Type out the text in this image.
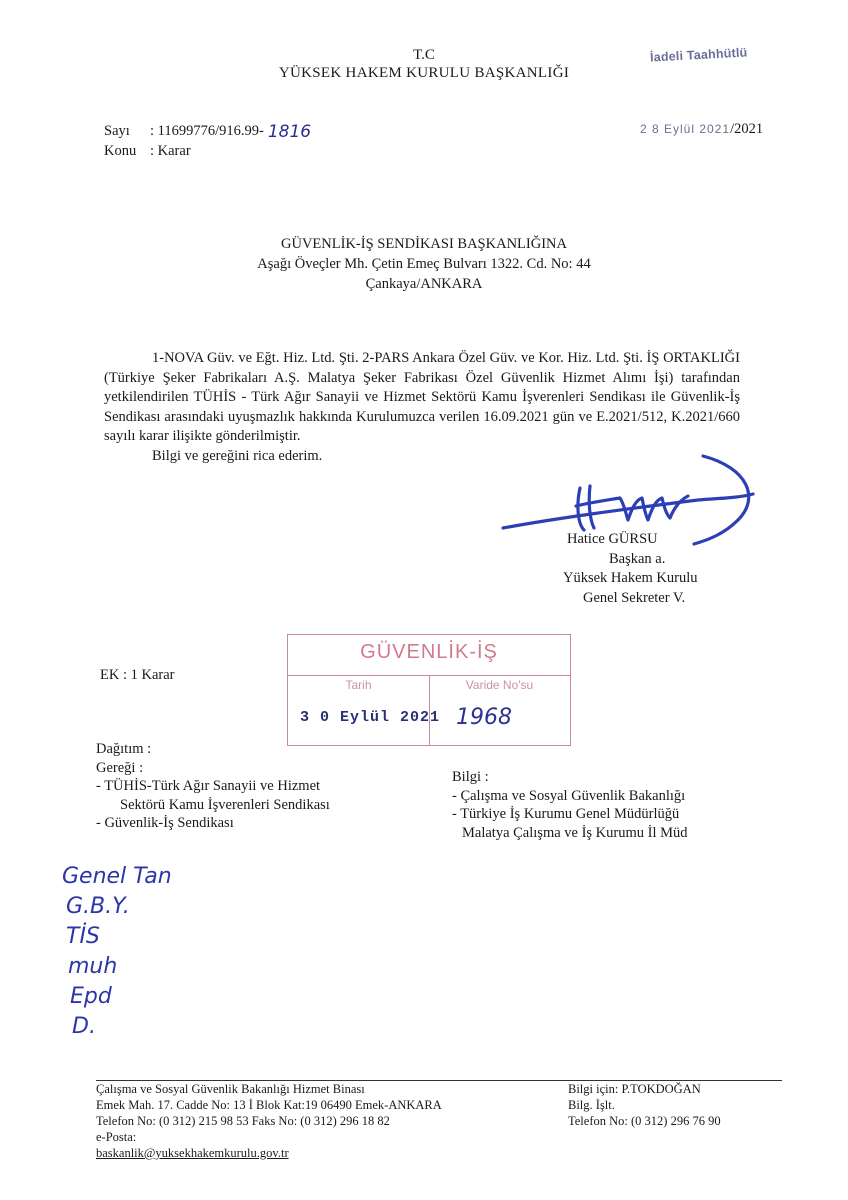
T.C
YÜKSEK HAKEM KURULU BAŞKANLIĞI
İadeli Taahhütlü
Sayı	: 11699776/916.99- 1816
Konu : Karar
2 8 Eylül 2021/2021
GÜVENLİK-İŞ SENDİKASI BAŞKANLIĞINA
Aşağı Öveçler Mh. Çetin Emeç Bulvarı 1322. Cd. No: 44
Çankaya/ANKARA

1-NOVA Güv. ve Eğt. Hiz. Ltd. Şti. 2-PARS Ankara Özel Güv. ve Kor. Hiz. Ltd. Şti. İŞ ORTAKLIĞI (Türkiye Şeker Fabrikaları A.Ş. Malatya Şeker Fabrikası Özel Güvenlik Hizmet Alımı İşi) tarafından yetkilendirilen TÜHİS - Türk Ağır Sanayii ve Hizmet Sektörü Kamu İşverenleri Sendikası ile Güvenlik-İş Sendikası arasındaki uyuşmazlık hakkında Kurulumuzca verilen 16.09.2021 gün ve E.2021/512, K.2021/660 sayılı karar ilişikte gönderilmiştir.

Bilgi ve gereğini rica ederim.

Hatice GÜRSU
Başkan a.
Yüksek Hakem Kurulu
Genel Sekreter V.
EK : 1 Karar
GÜVENLİK-İŞ
Tarih	Varide No'su
3 0 Eylül 2021 1968
Dağıtım :
Gereği :
- TÜHİS-Türk Ağır Sanayii ve Hizmet
Sektörü Kamu İşverenleri Sendikası
- Güvenlik-İş Sendikası
Bilgi :
- Çalışma ve Sosyal Güvenlik Bakanlığı
- Türkiye İş Kurumu Genel Müdürlüğü
Malatya Çalışma ve İş Kurumu İl Müd
Genel Tan
G.B.Y.
TİS
muh
Epd
D.
Çalışma ve Sosyal Güvenlik Bakanlığı Hizmet Binası
Emek Mah. 17. Cadde No: 13 İ Blok Kat:19 06490 Emek-ANKARA
Telefon No: (0 312) 215 98 53 Faks No: (0 312) 296 18 82
e-Posta:
baskanlik@yuksekhakemkurulu.gov.tr
Bilgi için: P.TOKDOĞAN
Bilg. İşlt.
Telefon No: (0 312) 296 76 90
